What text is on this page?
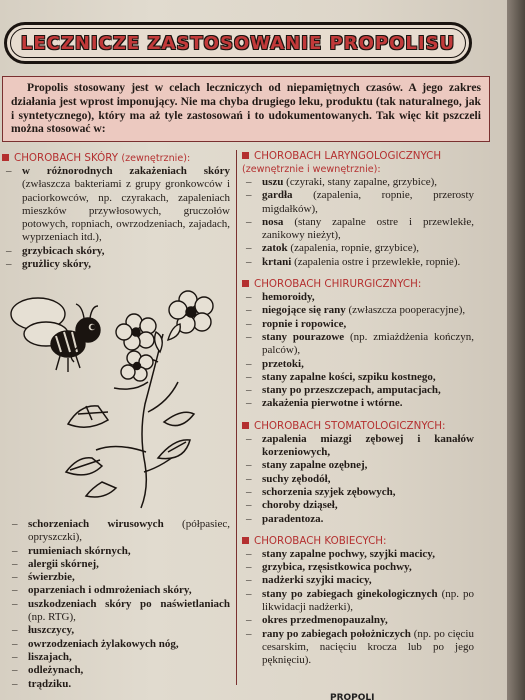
LECZNICZE ZASTOSOWANIE PROPOLISU
Propolis stosowany jest w celach leczniczych od niepamiętnych czasów. A jego zakres działania jest wprost imponujący. Nie ma chyba drugiego leku, produktu (tak naturalnego, jak i syntetycznego), który ma aż tyle zastosowań i to udokumentowanych. Tak więc kit pszczeli można stosować w:
CHOROBACH SKÓRY (zewnętrznie):
– w różnorodnych zakażeniach skóry (zwłaszcza bakteriami z grupy gronkowców i paciorkowców, np. czyrakach, zapaleniach mieszków przywłosowych, gruczołów potowych, ropniach, owrzodzeniach, zajadach, wyprzeniach itd.),
– grzybicach skóry,
– grużlicy skóry,
– schorzeniach wirusowych (półpasiec, opryszczki),
– rumieniach skórnych,
– alergii skórnej,
– świerzbie,
– oparzeniach i odmrożeniach skóry,
– uszkodzeniach skóry po naświetlaniach (np. RTG),
– łuszczycy,
– owrzodzeniach żylakowych nóg,
– liszajach,
– odleżynach,
– trądziku.
CHOROBACH LARYNGOLOGICZNYCH
(zewnętrznie i wewnętrznie):
– uszu (czyraki, stany zapalne, grzybice),
– gardła (zapalenia, ropnie, przerosty migdałków),
– nosa (stany zapalne ostre i przewlekłe, zanikowy nieżyt),
– zatok (zapalenia, ropnie, grzybice),
– krtani (zapalenia ostre i przewlekłe, ropnie).
CHOROBACH CHIRURGICZNYCH:
– hemoroidy,
– niegojące się rany (zwłaszcza pooperacyjne),
– ropnie i ropowice,
– stany pourazowe (np. zmiażdżenia kończyn, palców),
– przetoki,
– stany zapalne kości, szpiku kostnego,
– stany po przeszczepach, amputacjach,
– zakażenia pierwotne i wtórne.
CHOROBACH STOMATOLOGICZNYCH:
– zapalenia miazgi zębowej i kanałów korzeniowych,
– stany zapalne ozębnej,
– suchy zębodół,
– schorzenia szyjek zębowych,
– choroby dziąseł,
– paradentoza.
CHOROBACH KOBIECYCH:
– stany zapalne pochwy, szyjki macicy,
– grzybica, rzęsistkowica pochwy,
– nadżerki szyjki macicy,
– stany po zabiegach ginekologicznych (np. po likwidacji nadżerki),
– okres przedmenopauzalny,
– rany po zabiegach położniczych (np. po cięciu cesarskim, nacięciu krocza lub po jego pęknięciu).
PROPOLI
